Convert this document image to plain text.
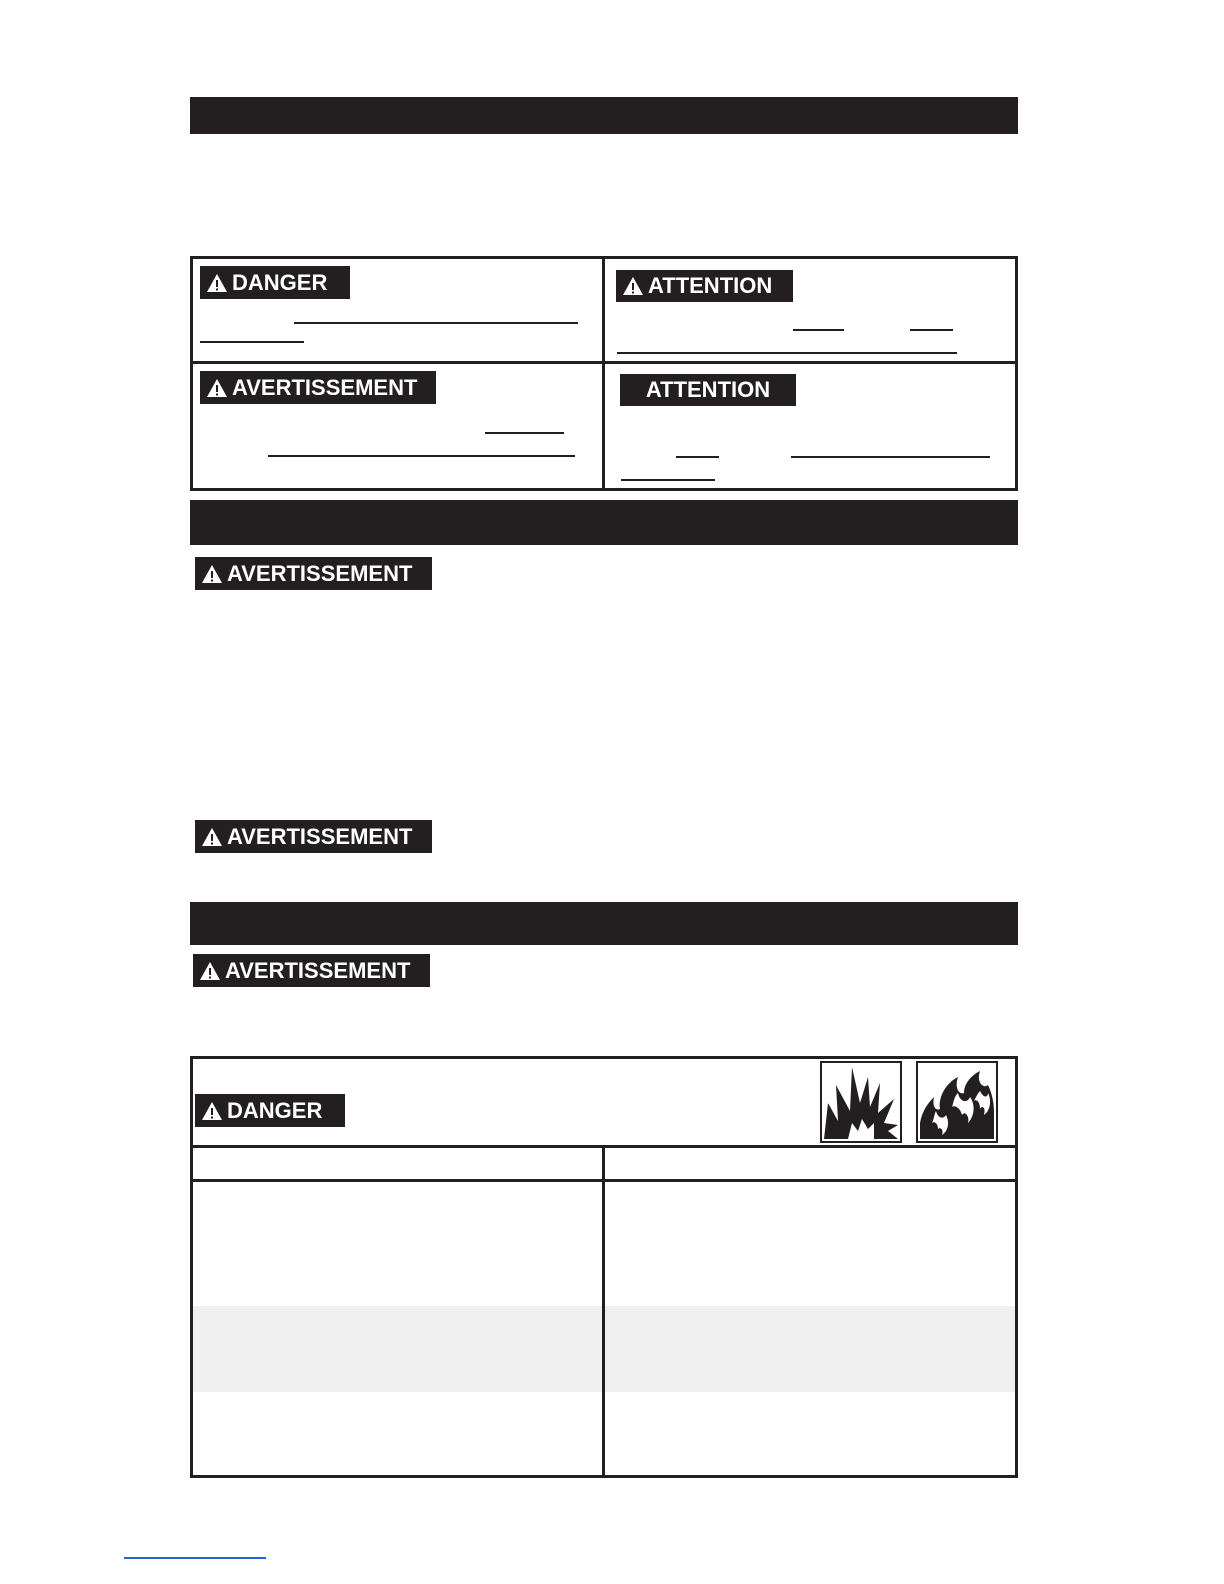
DANGER	ATTENTION
AVERTISSEMENT	ATTENTION
AVERTISSEMENT
AVERTISSEMENT
AVERTISSEMENT
DANGER
